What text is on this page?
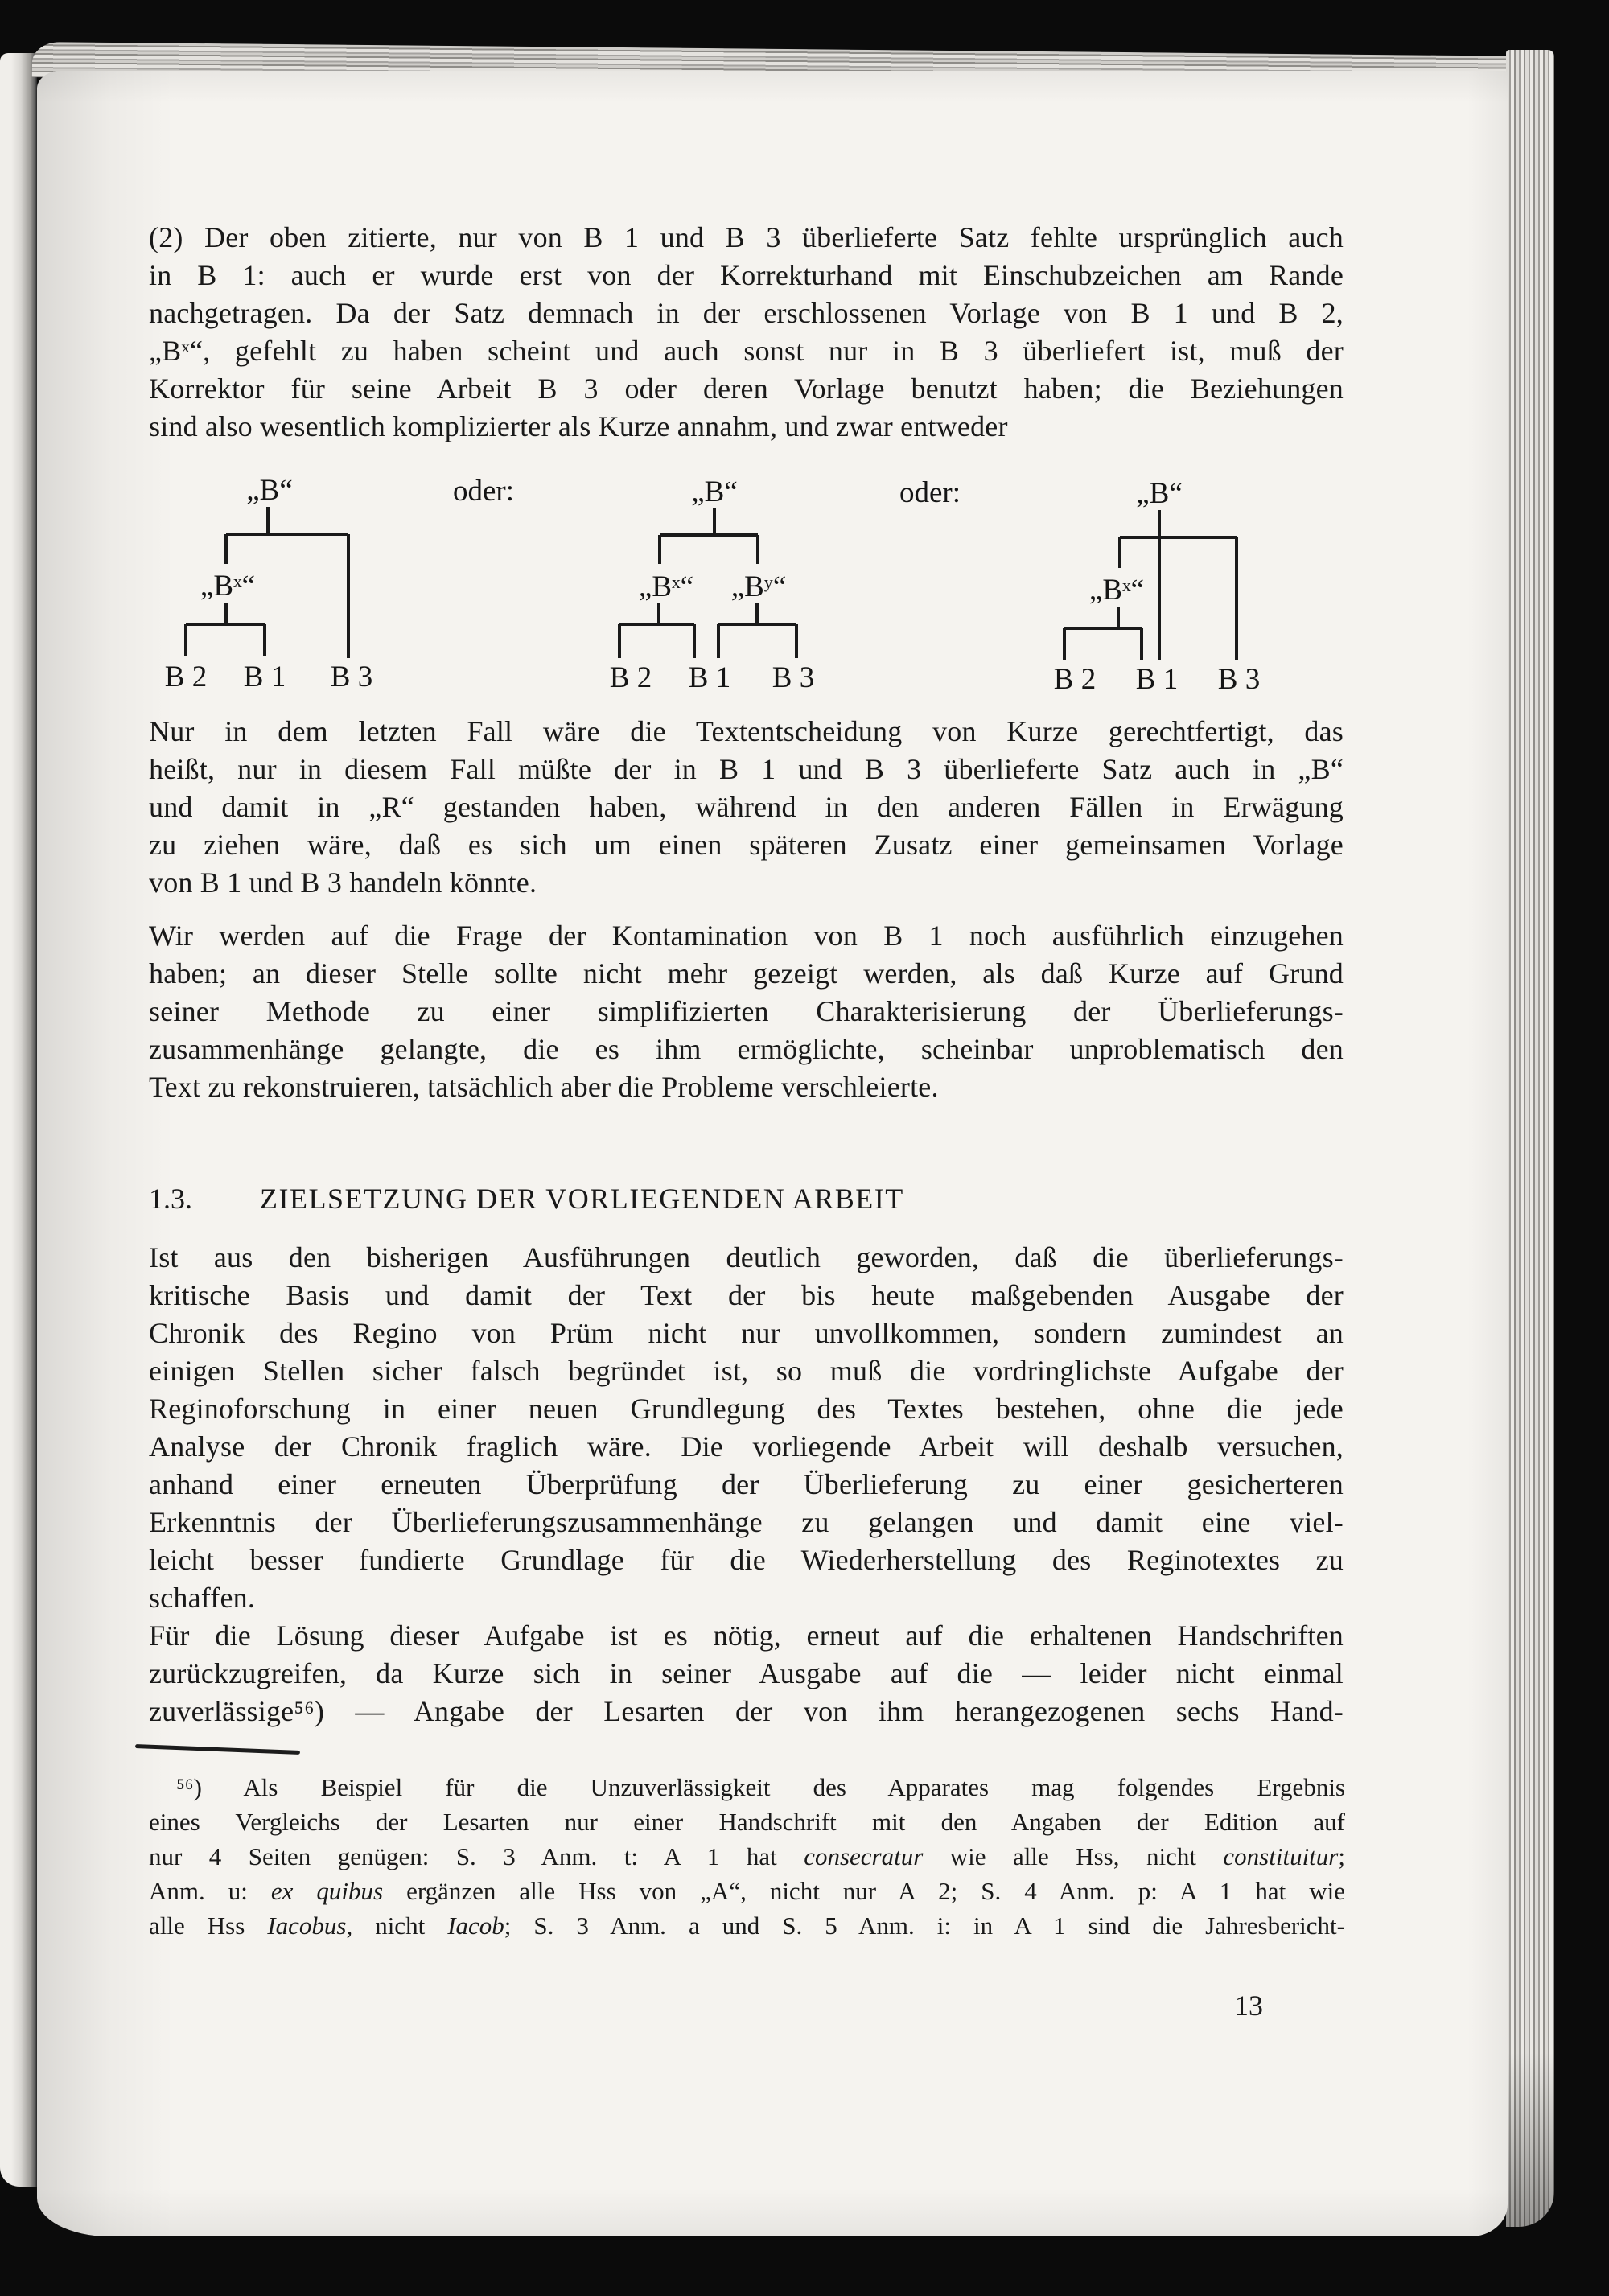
(2) Der oben zitierte, nur von B 1 und B 3 überlieferte Satz fehlte ursprünglich auch
in B 1: auch er wurde erst von der Korrekturhand mit Einschubzeichen am Rande
nachgetragen. Da der Satz demnach in der erschlossenen Vorlage von B 1 und B 2,
„Bˣ“, gefehlt zu haben scheint und auch sonst nur in B 3 überliefert ist, muß der
Korrektor für seine Arbeit B 3 oder deren Vorlage benutzt haben; die Beziehungen
sind also wesentlich komplizierter als Kurze annahm, und zwar entweder
„B“
„Bˣ“
B 2 B 1 B 3
oder:	„B“
„Bˣ“ „Bʸ“
B 2 B 1 B 3
oder:	„B“
„Bˣ“
B 2 B 1 B 3
Nur in dem letzten Fall wäre die Textentscheidung von Kurze gerechtfertigt, das
heißt, nur in diesem Fall müßte der in B 1 und B 3 überlieferte Satz auch in „B“
und damit in „R“ gestanden haben, während in den anderen Fällen in Erwägung
zu ziehen wäre, daß es sich um einen späteren Zusatz einer gemeinsamen Vorlage
von B 1 und B 3 handeln könnte.
Wir werden auf die Frage der Kontamination von B 1 noch ausführlich einzugehen
haben; an dieser Stelle sollte nicht mehr gezeigt werden, als daß Kurze auf Grund
seiner Methode zu einer simplifizierten Charakterisierung der Überlieferungs-
zusammenhänge gelangte, die es ihm ermöglichte, scheinbar unproblematisch den
Text zu rekonstruieren, tatsächlich aber die Probleme verschleierte.
1.3. ZIELSETZUNG DER VORLIEGENDEN ARBEIT
Ist aus den bisherigen Ausführungen deutlich geworden, daß die überlieferungs-
kritische Basis und damit der Text der bis heute maßgebenden Ausgabe der
Chronik des Regino von Prüm nicht nur unvollkommen, sondern zumindest an
einigen Stellen sicher falsch begründet ist, so muß die vordringlichste Aufgabe der
Reginoforschung in einer neuen Grundlegung des Textes bestehen, ohne die jede
Analyse der Chronik fraglich wäre. Die vorliegende Arbeit will deshalb versuchen,
anhand einer erneuten Überprüfung der Überlieferung zu einer gesicherteren
Erkenntnis der Überlieferungszusammenhänge zu gelangen und damit eine viel-
leicht besser fundierte Grundlage für die Wiederherstellung des Reginotextes zu
schaffen.
Für die Lösung dieser Aufgabe ist es nötig, erneut auf die erhaltenen Handschriften
zurückzugreifen, da Kurze sich in seiner Ausgabe auf die — leider nicht einmal
zuverlässige⁵⁶) — Angabe der Lesarten der von ihm herangezogenen sechs Hand-
⁵⁶) Als Beispiel für die Unzuverlässigkeit des Apparates mag folgendes Ergebnis
eines Vergleichs der Lesarten nur einer Handschrift mit den Angaben der Edition auf
nur 4 Seiten genügen: S. 3 Anm. t: A 1 hat consecratur wie alle Hss, nicht constituitur;
Anm. u: ex quibus ergänzen alle Hss von „A“, nicht nur A 2; S. 4 Anm. p: A 1 hat wie
alle Hss Iacobus, nicht Iacob; S. 3 Anm. a und S. 5 Anm. i: in A 1 sind die Jahresbericht-
13
